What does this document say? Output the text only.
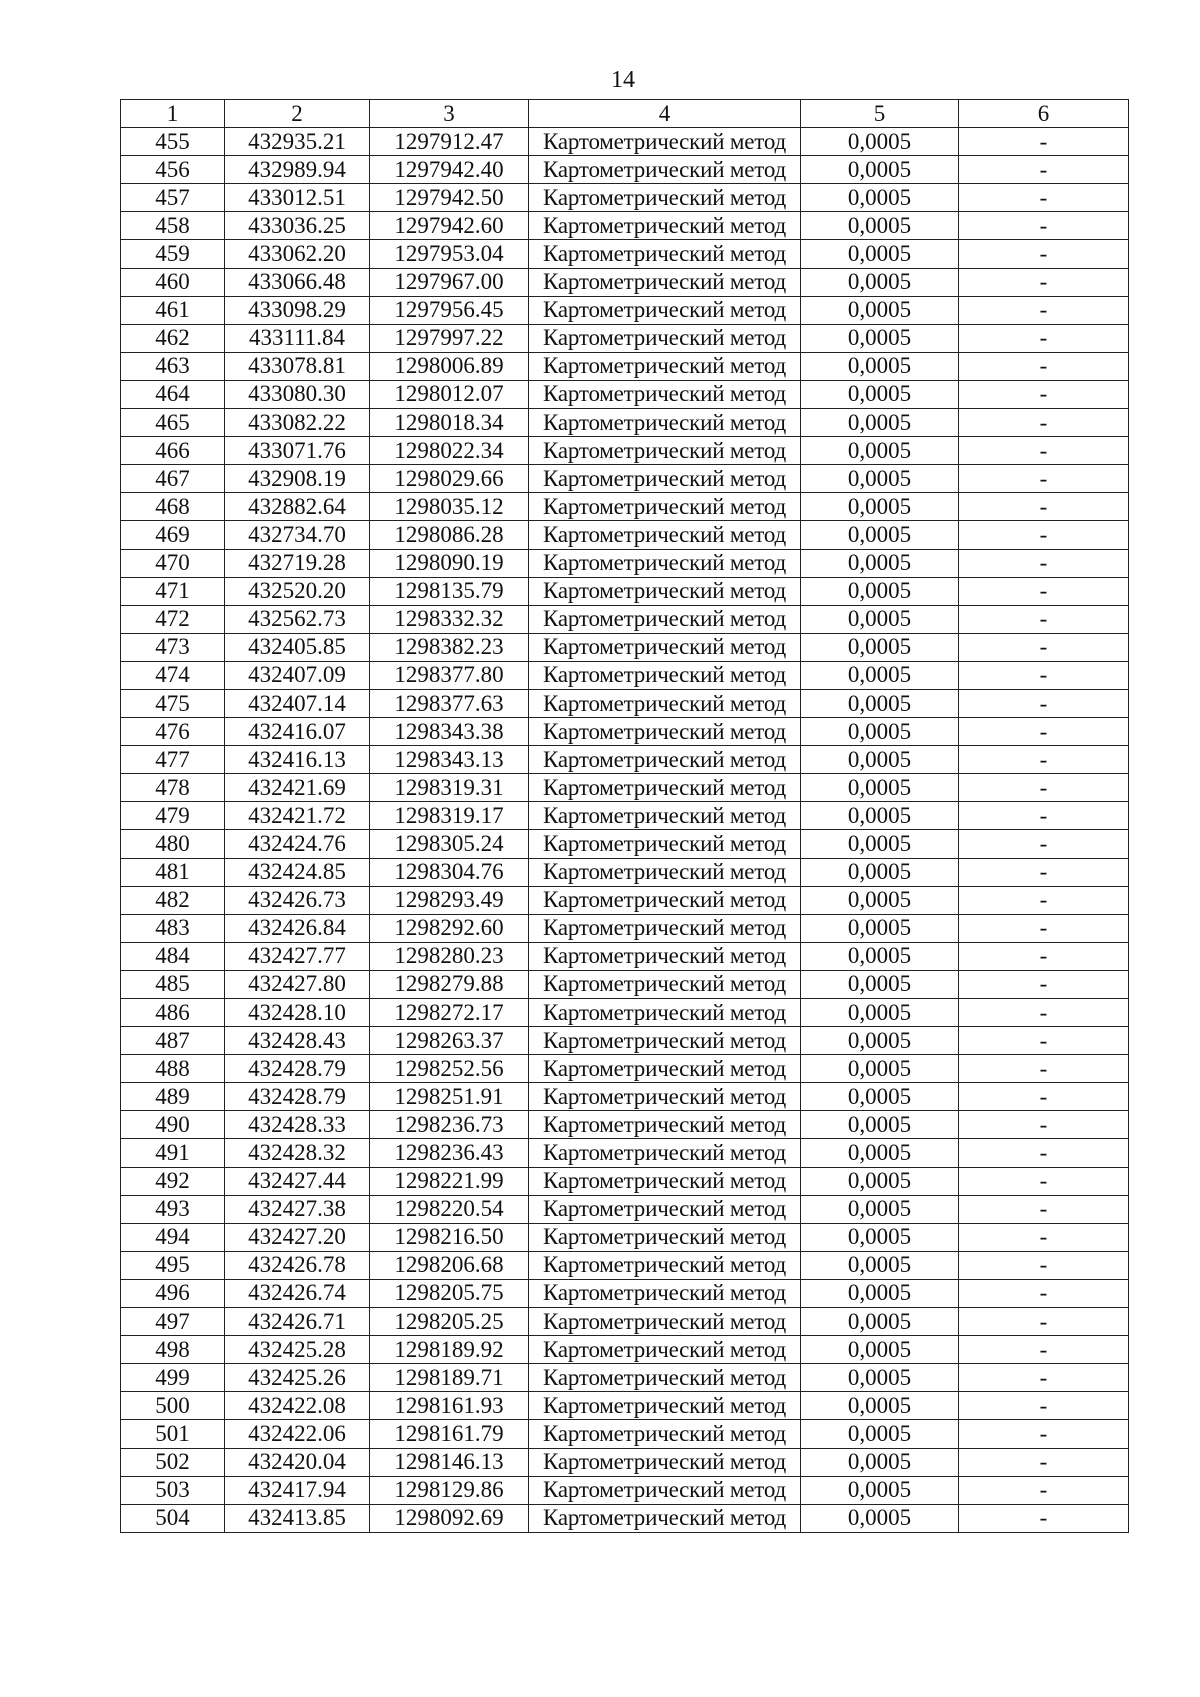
14
1	2	3	4	5	6
455	432935.21	1297912.47	Картометрический метод	0,0005	-
456	432989.94	1297942.40	Картометрический метод	0,0005	-
457	433012.51	1297942.50	Картометрический метод	0,0005	-
458	433036.25	1297942.60	Картометрический метод	0,0005	-
459	433062.20	1297953.04	Картометрический метод	0,0005	-
460	433066.48	1297967.00	Картометрический метод	0,0005	-
461	433098.29	1297956.45	Картометрический метод	0,0005	-
462	433111.84	1297997.22	Картометрический метод	0,0005	-
463	433078.81	1298006.89	Картометрический метод	0,0005	-
464	433080.30	1298012.07	Картометрический метод	0,0005	-
465	433082.22	1298018.34	Картометрический метод	0,0005	-
466	433071.76	1298022.34	Картометрический метод	0,0005	-
467	432908.19	1298029.66	Картометрический метод	0,0005	-
468	432882.64	1298035.12	Картометрический метод	0,0005	-
469	432734.70	1298086.28	Картометрический метод	0,0005	-
470	432719.28	1298090.19	Картометрический метод	0,0005	-
471	432520.20	1298135.79	Картометрический метод	0,0005	-
472	432562.73	1298332.32	Картометрический метод	0,0005	-
473	432405.85	1298382.23	Картометрический метод	0,0005	-
474	432407.09	1298377.80	Картометрический метод	0,0005	-
475	432407.14	1298377.63	Картометрический метод	0,0005	-
476	432416.07	1298343.38	Картометрический метод	0,0005	-
477	432416.13	1298343.13	Картометрический метод	0,0005	-
478	432421.69	1298319.31	Картометрический метод	0,0005	-
479	432421.72	1298319.17	Картометрический метод	0,0005	-
480	432424.76	1298305.24	Картометрический метод	0,0005	-
481	432424.85	1298304.76	Картометрический метод	0,0005	-
482	432426.73	1298293.49	Картометрический метод	0,0005	-
483	432426.84	1298292.60	Картометрический метод	0,0005	-
484	432427.77	1298280.23	Картометрический метод	0,0005	-
485	432427.80	1298279.88	Картометрический метод	0,0005	-
486	432428.10	1298272.17	Картометрический метод	0,0005	-
487	432428.43	1298263.37	Картометрический метод	0,0005	-
488	432428.79	1298252.56	Картометрический метод	0,0005	-
489	432428.79	1298251.91	Картометрический метод	0,0005	-
490	432428.33	1298236.73	Картометрический метод	0,0005	-
491	432428.32	1298236.43	Картометрический метод	0,0005	-
492	432427.44	1298221.99	Картометрический метод	0,0005	-
493	432427.38	1298220.54	Картометрический метод	0,0005	-
494	432427.20	1298216.50	Картометрический метод	0,0005	-
495	432426.78	1298206.68	Картометрический метод	0,0005	-
496	432426.74	1298205.75	Картометрический метод	0,0005	-
497	432426.71	1298205.25	Картометрический метод	0,0005	-
498	432425.28	1298189.92	Картометрический метод	0,0005	-
499	432425.26	1298189.71	Картометрический метод	0,0005	-
500	432422.08	1298161.93	Картометрический метод	0,0005	-
501	432422.06	1298161.79	Картометрический метод	0,0005	-
502	432420.04	1298146.13	Картометрический метод	0,0005	-
503	432417.94	1298129.86	Картометрический метод	0,0005	-
504	432413.85	1298092.69	Картометрический метод	0,0005	-
